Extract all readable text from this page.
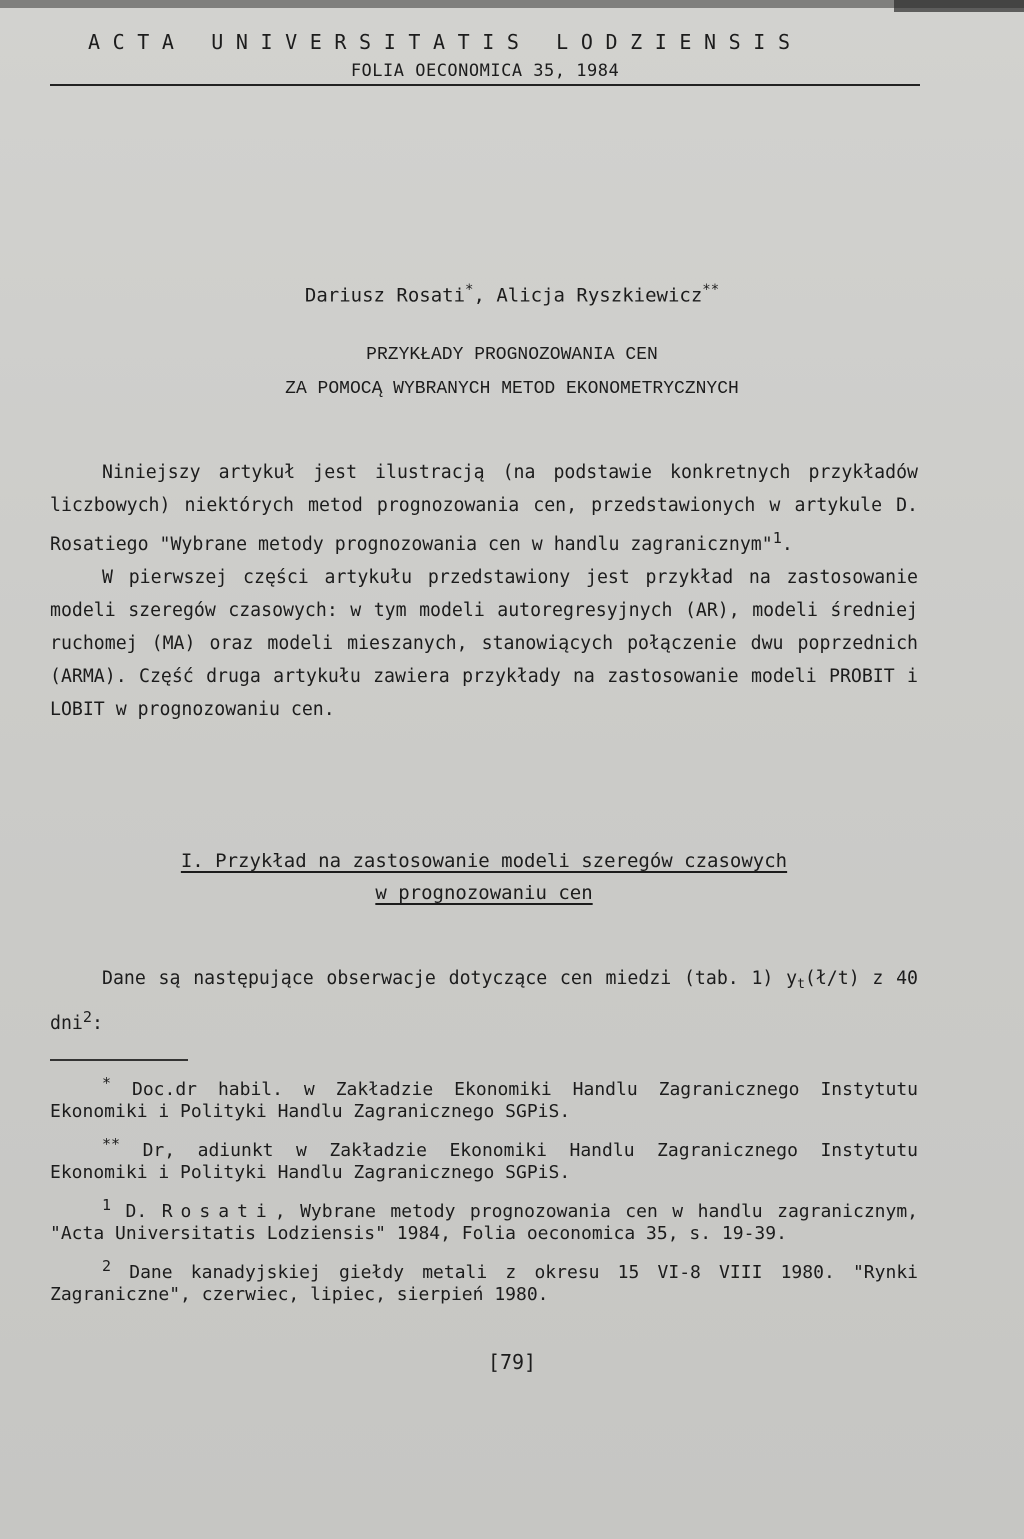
ACTA UNIVERSITATIS LODZIENSIS
FOLIA OECONOMICA 35, 1984
Dariusz Rosati*, Alicja Ryszkiewicz**
PRZYKŁADY PROGNOZOWANIA CEN
ZA POMOCĄ WYBRANYCH METOD EKONOMETRYCZNYCH

Niniejszy artykuł jest ilustracją (na podstawie konkretnych przykładów liczbowych) niektórych metod prognozowania cen, przedstawionych w artykule D. Rosatiego "Wybrane metody prognozowania cen w handlu zagranicznym"$^1$.

W pierwszej części artykułu przedstawiony jest przykład na zastosowanie modeli szeregów czasowych: w tym modeli autoregresyjnych (AR), modeli średniej ruchomej (MA) oraz modeli mieszanych, stanowiących połączenie dwu poprzednich (ARMA). Część druga artykułu zawiera przykłady na zastosowanie modeli PROBIT i LOBIT w prognozowaniu cen.

I. Przykład na zastosowanie modeli szeregów czasowych
w prognozowaniu cen

Dane są następujące obserwacje dotyczące cen miedzi (tab. 1) $y_t(ł/t)$ z 40 dni$^2$:

* Doc.dr habil. w Zakładzie Ekonomiki Handlu Zagranicznego Instytutu Ekonomiki i Polityki Handlu Zagranicznego SGPiS.

** Dr, adiunkt w Zakładzie Ekonomiki Handlu Zagranicznego Instytutu Ekonomiki i Polityki Handlu Zagranicznego SGPiS.

$^1$ D. Rosati, Wybrane metody prognozowania cen w handlu zagranicznym, "Acta Universitatis Lodziensis" 1984, Folia oeconomica 35, s. 19-39.

$^2$ Dane kanadyjskiej giełdy metali z okresu 15 VI-8 VIII 1980. "Rynki Zagraniczne", czerwiec, lipiec, sierpień 1980.

[79]
